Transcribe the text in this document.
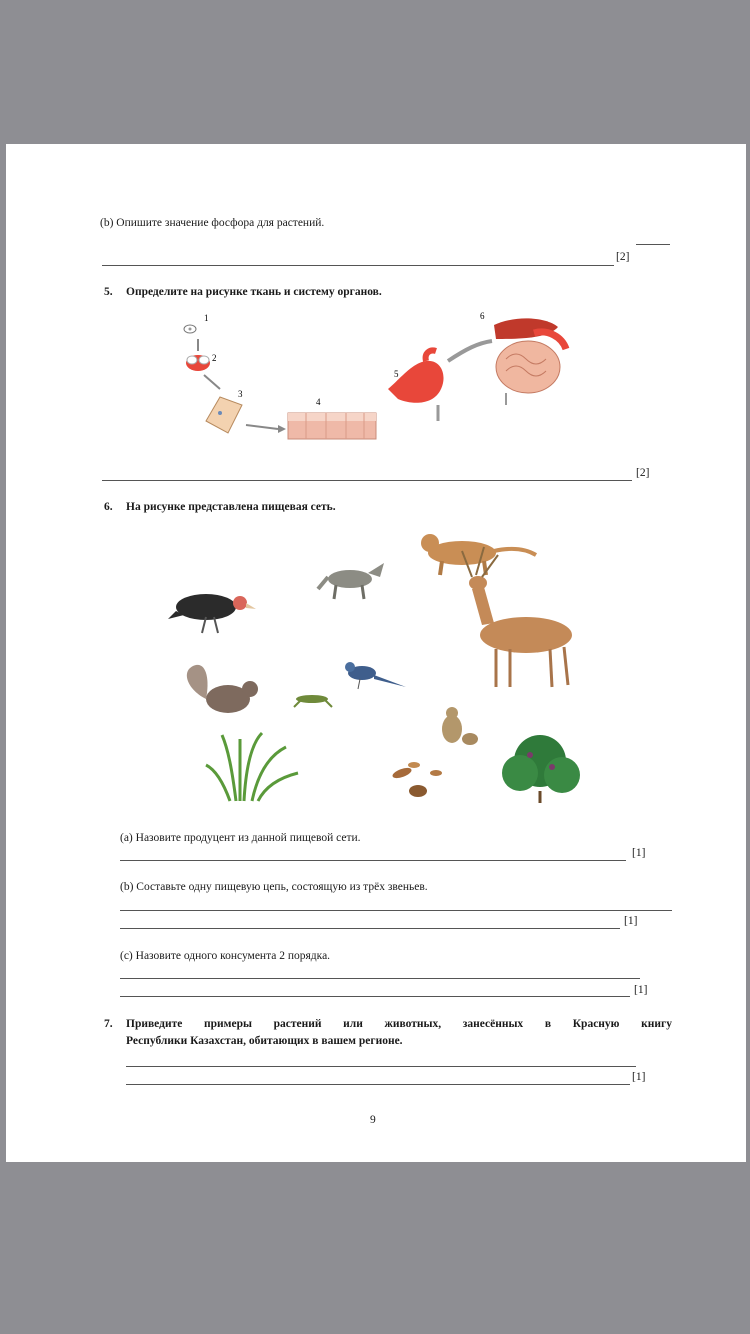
(b) Опишите значение фосфора для растений.
[2]
5. Определите на рисунке ткань и систему органов.
1
2
3
4
5
6
[2]
6. На рисунке представлена пищевая сеть.
(a) Назовите продуцент из данной пищевой сети.
[1]
(b) Составьте одну пищевую цепь, состоящую из трёх звеньев.
[1]
(c) Назовите одного консумента 2 порядка.
[1]
7. Приведите примеры растений или животных, занесённых в Красную книгу
Республики Казахстан, обитающих в вашем регионе.
[1]
9
